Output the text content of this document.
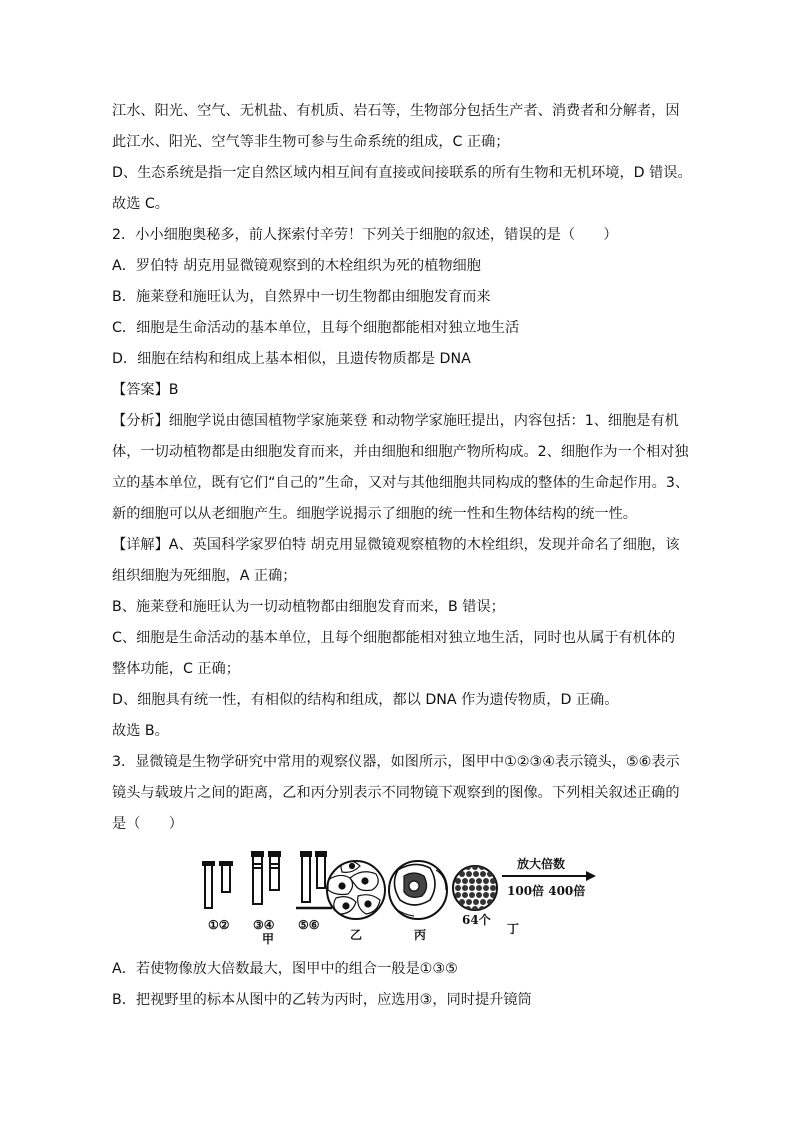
江水、阳光、空气、无机盐、有机质、岩石等，生物部分包括生产者、消费者和分解者，因
此江水、阳光、空气等非生物可参与生命系统的组成，C 正确；
D、生态系统是指一定自然区域内相互间有直接或间接联系的所有生物和无机环境，D 错误。
故选 C。
2．小小细胞奥秘多，前人探索付辛劳！下列关于细胞的叙述，错误的是（　　）
A．罗伯特 胡克用显微镜观察到的木栓组织为死的植物细胞
B．施莱登和施旺认为，自然界中一切生物都由细胞发育而来
C．细胞是生命活动的基本单位，且每个细胞都能相对独立地生活
D．细胞在结构和组成上基本相似，且遗传物质都是 DNA
【答案】B
【分析】细胞学说由德国植物学家施莱登 和动物学家施旺提出，内容包括：1、细胞是有机
体，一切动植物都是由细胞发育而来，并由细胞和细胞产物所构成。2、细胞作为一个相对独
立的基本单位，既有它们“自己的”生命，又对与其他细胞共同构成的整体的生命起作用。3、
新的细胞可以从老细胞产生。细胞学说揭示了细胞的统一性和生物体结构的统一性。
【详解】A、英国科学家罗伯特 胡克用显微镜观察植物的木栓组织，发现并命名了细胞，该
组织细胞为死细胞，A 正确；
B、施莱登和施旺认为一切动植物都由细胞发育而来，B 错误；
C、细胞是生命活动的基本单位，且每个细胞都能相对独立地生活，同时也从属于有机体的
整体功能，C 正确；
D、细胞具有统一性，有相似的结构和组成，都以 DNA 作为遗传物质，D 正确。
故选 B。
3．显微镜是生物学研究中常用的观察仪器，如图所示，图甲中①②③④表示镜头，⑤⑥表示
镜头与载玻片之间的距离，乙和丙分别表示不同物镜下观察到的图像。下列相关叙述正确的
是（　　）
①② ③④ ⑤⑥
甲	乙	丙
64个
丁
放大倍数
100倍 400倍
A．若使物像放大倍数最大，图甲中的组合一般是①③⑤
B．把视野里的标本从图中的乙转为丙时，应选用③，同时提升镜筒
